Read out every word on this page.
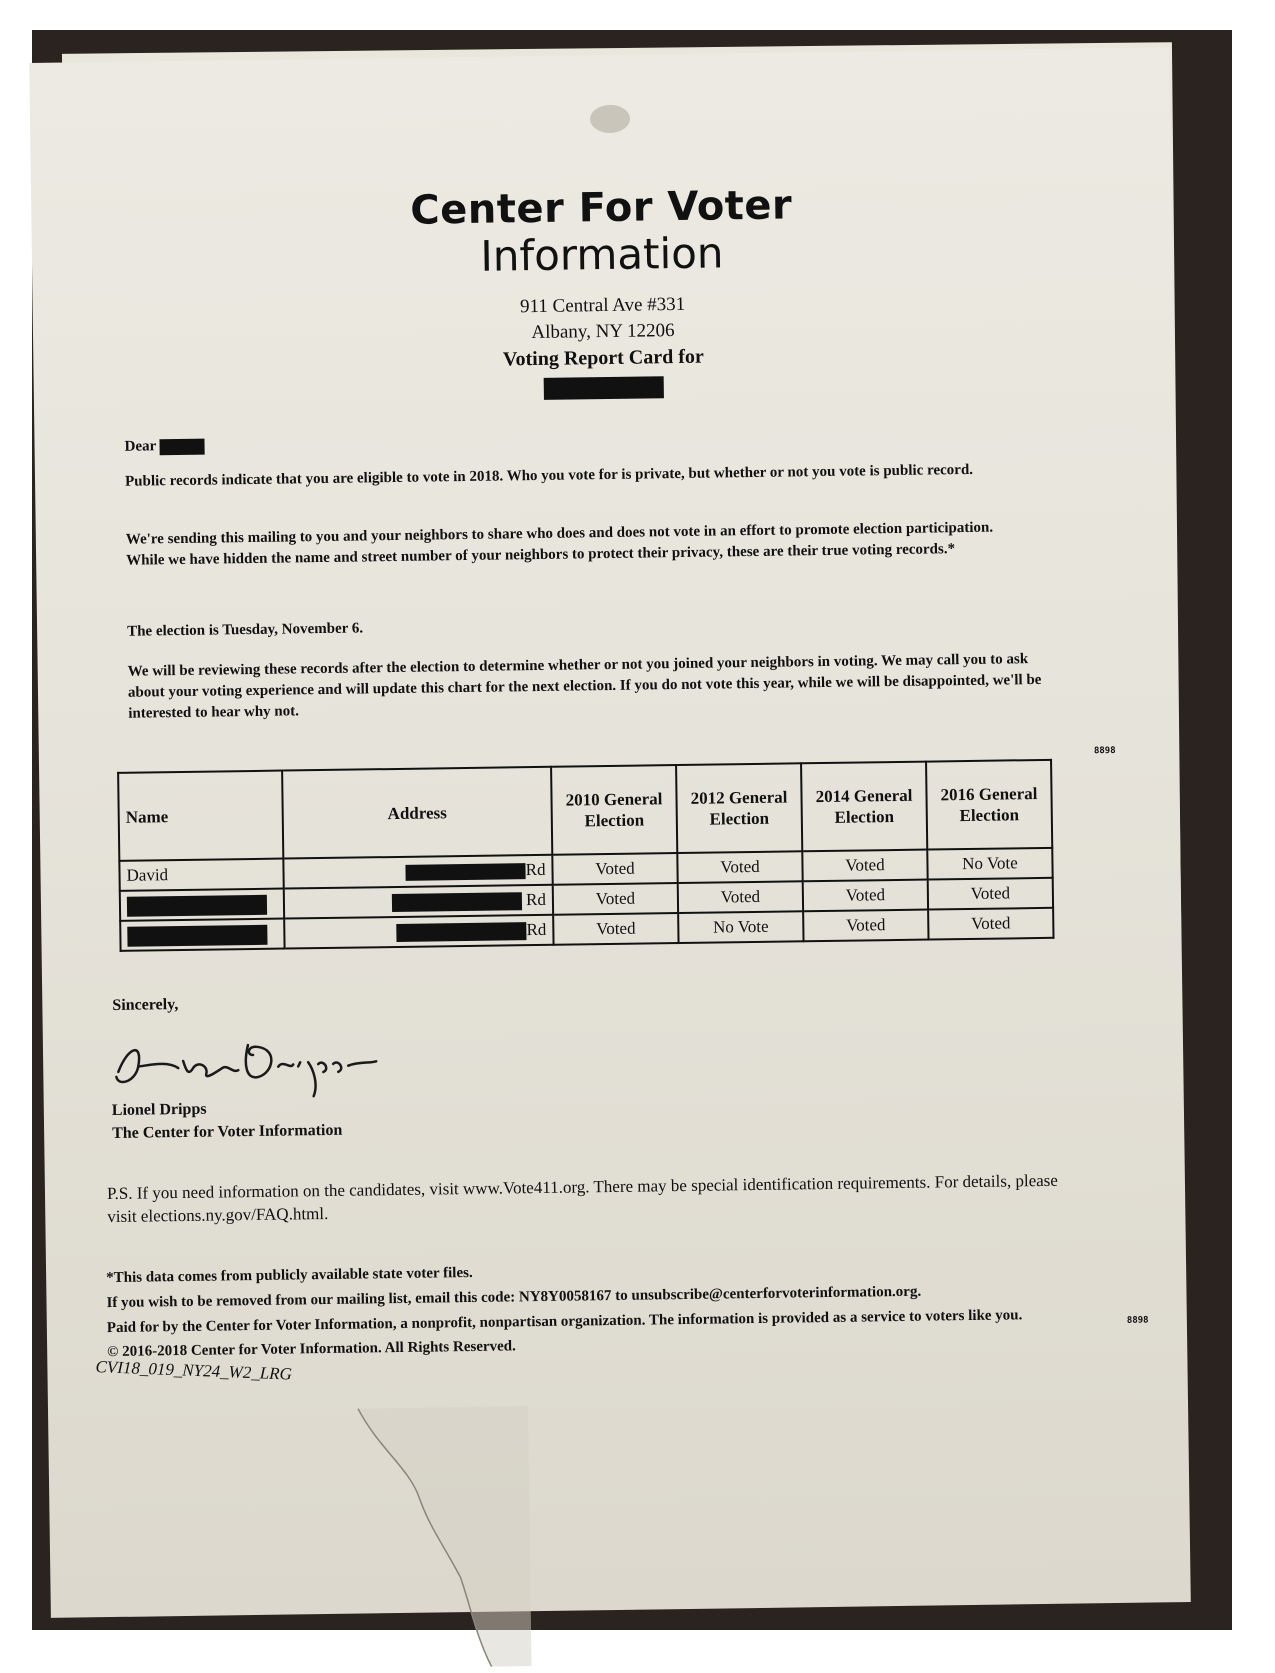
Center For Voter
Information
911 Central Ave #331
Albany, NY 12206
Voting Report Card for
Dear
Public records indicate that you are eligible to vote in 2018. Who you vote for is private, but whether or not you vote is public record.
We're sending this mailing to you and your neighbors to share who does and does not vote in an effort to promote election participation. While we have hidden the name and street number of your neighbors to protect their privacy, these are their true voting records.*
The election is Tuesday, November 6.
We will be reviewing these records after the election to determine whether or not you joined your neighbors in voting. We may call you to ask about your voting experience and will update this chart for the next election. If you do not vote this year, while we will be disappointed, we'll be interested to hear why not.
Name	Address	2010 General Election	2012 General Election	2014 General Election	2016 General Election
David	Rd	Voted	Voted	Voted	No Vote
	Rd	Voted	Voted	Voted	Voted
	Rd	Voted	No Vote	Voted	Voted
Sincerely,
Lionel Dripps
The Center for Voter Information
P.S. If you need information on the candidates, visit www.Vote411.org. There may be special identification requirements. For details, please visit elections.ny.gov/FAQ.html.
*This data comes from publicly available state voter files.
If you wish to be removed from our mailing list, email this code: NY8Y0058167 to unsubscribe@centerforvoterinformation.org.
Paid for by the Center for Voter Information, a nonprofit, nonpartisan organization. The information is provided as a service to voters like you.
© 2016-2018 Center for Voter Information. All Rights Reserved.
CVI18_019_NY24_W2_LRG
8898
8898
